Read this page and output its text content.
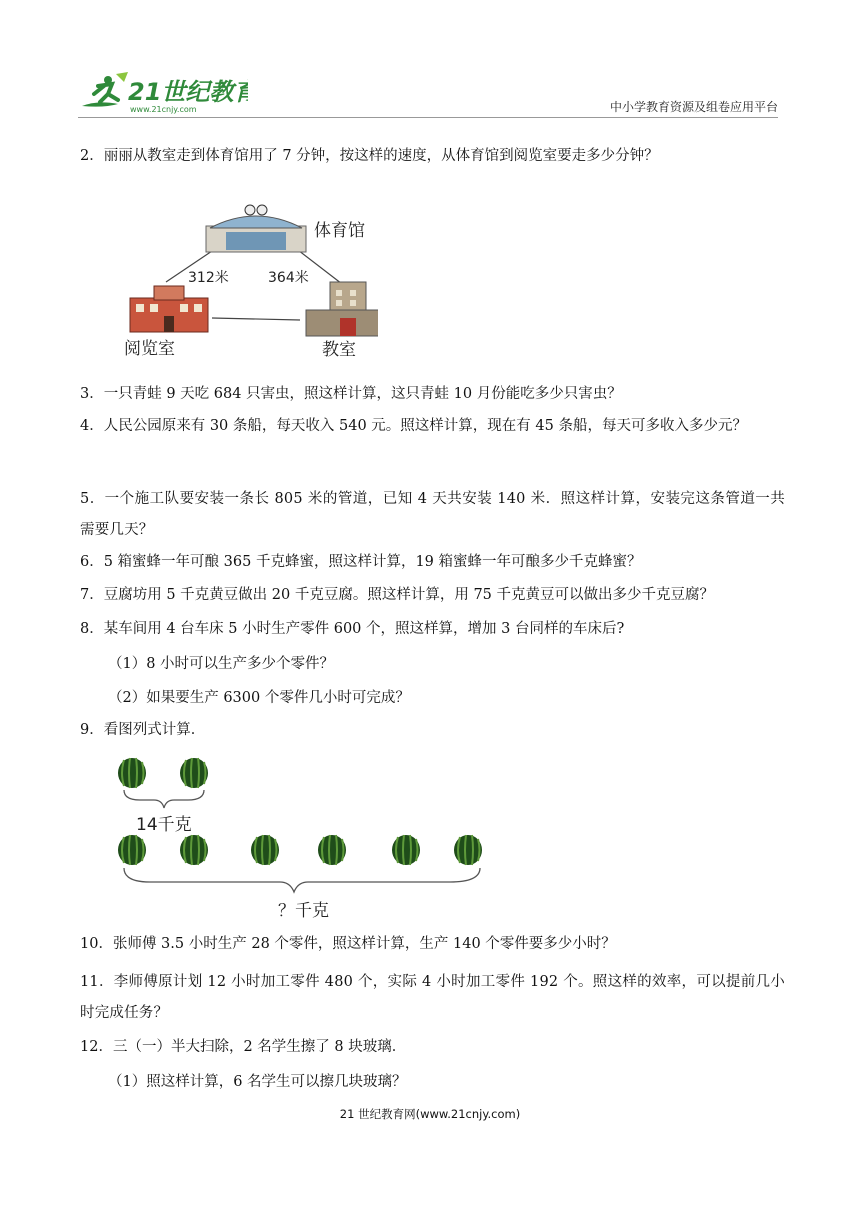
21世纪教育
www.21cnjy.com	中小学教育资源及组卷应用平台
2．丽丽从教室走到体育馆用了 7 分钟，按这样的速度，从体育馆到阅览室要走多少分钟？
体育馆
312米	364米
阅览室	教室
3．一只青蛙 9 天吃 684 只害虫，照这样计算，这只青蛙 10 月份能吃多少只害虫？
4．人民公园原来有 30 条船，每天收入 540 元。照这样计算，现在有 45 条船，每天可多收入多少元？
5．一个施工队要安装一条长 805 米的管道，已知 4 天共安装 140 米．照这样计算，安装完这条管道一共需要几天？
6．5 箱蜜蜂一年可酿 365 千克蜂蜜，照这样计算，19 箱蜜蜂一年可酿多少千克蜂蜜？
7．豆腐坊用 5 千克黄豆做出 20 千克豆腐。照这样计算，用 75 千克黄豆可以做出多少千克豆腐？
8．某车间用 4 台车床 5 小时生产零件 600 个，照这样算，增加 3 台同样的车床后?
（1）8 小时可以生产多少个零件？
（2）如果要生产 6300 个零件几小时可完成？
9．看图列式计算．
14千克
？千克
10．张师傅 3.5 小时生产 28 个零件，照这样计算，生产 140 个零件要多少小时？
11．李师傅原计划 12 小时加工零件 480 个，实际 4 小时加工零件 192 个。照这样的效率，可以提前几小时完成任务？
12．三（一）半大扫除，2 名学生擦了 8 块玻璃．
（1）照这样计算，6 名学生可以擦几块玻璃？
21 世纪教育网(www.21cnjy.com)
